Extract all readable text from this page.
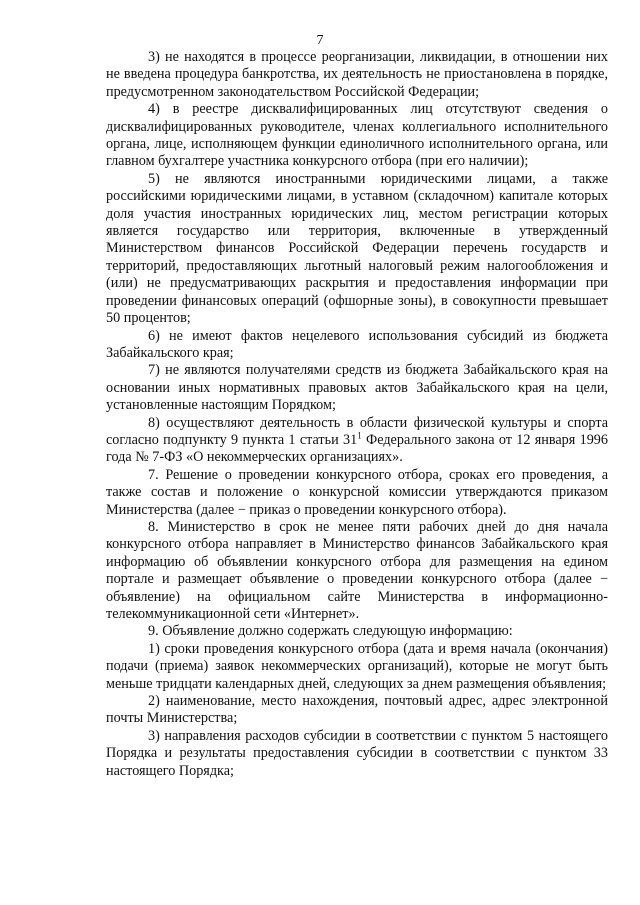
7

3) не находятся в процессе реорганизации, ликвидации, в отношении них не введена процедура банкротства, их деятельность не приостановлена в порядке, предусмотренном законодательством Российской Федерации;

4) в реестре дисквалифицированных лиц отсутствуют сведения о дисквалифицированных руководителе, членах коллегиального исполнительного органа, лице, исполняющем функции единоличного исполнительного органа, или главном бухгалтере участника конкурсного отбора (при его наличии);

5) не являются иностранными юридическими лицами, а также российскими юридическими лицами, в уставном (складочном) капитале которых доля участия иностранных юридических лиц, местом регистрации которых является государство или территория, включенные в утвержденный Министерством финансов Российской Федерации перечень государств и территорий, предоставляющих льготный налоговый режим налогообложения и (или) не предусматривающих раскрытия и предоставления информации при проведении финансовых операций (офшорные зоны), в совокупности превышает 50 процентов;

6) не имеют фактов нецелевого использования субсидий из бюджета Забайкальского края;

7) не являются получателями средств из бюджета Забайкальского края на основании иных нормативных правовых актов Забайкальского края на цели, установленные настоящим Порядком;

8) осуществляют деятельность в области физической культуры и спорта согласно подпункту 9 пункта 1 статьи $31^1$ Федерального закона от 12 января 1996 года № 7-ФЗ «О некоммерческих организациях».

7. Решение о проведении конкурсного отбора, сроках его проведения, а также состав и положение о конкурсной комиссии утверждаются приказом Министерства (далее − приказ о проведении конкурсного отбора).

8. Министерство в срок не менее пяти рабочих дней до дня начала конкурсного отбора направляет в Министерство финансов Забайкальского края информацию об объявлении конкурсного отбора для размещения на едином портале и размещает объявление о проведении конкурсного отбора (далее − объявление) на официальном сайте Министерства в информационно-телекоммуникационной сети «Интернет».

9. Объявление должно содержать следующую информацию:

1) сроки проведения конкурсного отбора (дата и время начала (окончания) подачи (приема) заявок некоммерческих организаций), которые не могут быть меньше тридцати календарных дней, следующих за днем размещения объявления;

2) наименование, место нахождения, почтовый адрес, адрес электронной почты Министерства;

3) направления расходов субсидии в соответствии с пунктом 5 настоящего Порядка и результаты предоставления субсидии в соответствии с пунктом 33 настоящего Порядка;
